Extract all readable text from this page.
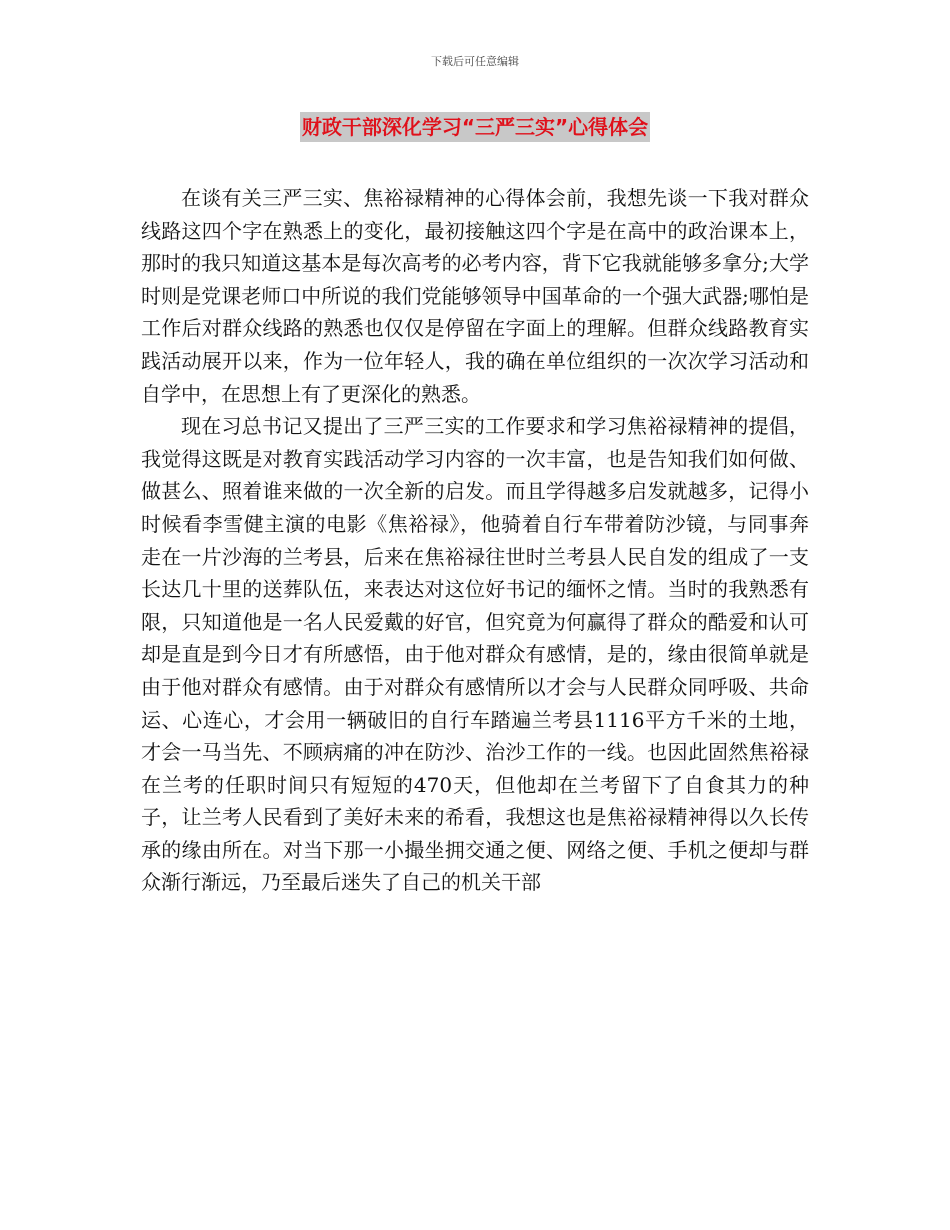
下载后可任意编辑
财政干部深化学习“三严三实”心得体会

在谈有关三严三实、焦裕禄精神的心得体会前，我想先谈一下我对群众线路这四个字在熟悉上的变化，最初接触这四个字是在高中的政治课本上，那时的我只知道这基本是每次高考的必考内容，背下它我就能够多拿分;大学时则是党课老师口中所说的我们党能够领导中国革命的一个强大武器;哪怕是工作后对群众线路的熟悉也仅仅是停留在字面上的理解。但群众线路教育实践活动展开以来，作为一位年轻人，我的确在单位组织的一次次学习活动和自学中，在思想上有了更深化的熟悉。

现在习总书记又提出了三严三实的工作要求和学习焦裕禄精神的提倡，我觉得这既是对教育实践活动学习内容的一次丰富，也是告知我们如何做、做甚么、照着谁来做的一次全新的启发。而且学得越多启发就越多，记得小时候看李雪健主演的电影《焦裕禄》，他骑着自行车带着防沙镜，与同事奔走在一片沙海的兰考县，后来在焦裕禄往世时兰考县人民自发的组成了一支长达几十里的送葬队伍，来表达对这位好书记的缅怀之情。当时的我熟悉有限，只知道他是一名人民爱戴的好官，但究竟为何赢得了群众的酷爱和认可却是直是到今日才有所感悟，由于他对群众有感情，是的，缘由很简单就是由于他对群众有感情。由于对群众有感情所以才会与人民群众同呼吸、共命运、心连心，才会用一辆破旧的自行车踏遍兰考县1116平方千米的土地，才会一马当先、不顾病痛的冲在防沙、治沙工作的一线。也因此固然焦裕禄在兰考的任职时间只有短短的470天，但他却在兰考留下了自食其力的种子，让兰考人民看到了美好未来的希看，我想这也是焦裕禄精神得以久长传承的缘由所在。对当下那一小撮坐拥交通之便、网络之便、手机之便却与群众渐行渐远，乃至最后迷失了自己的机关干部
